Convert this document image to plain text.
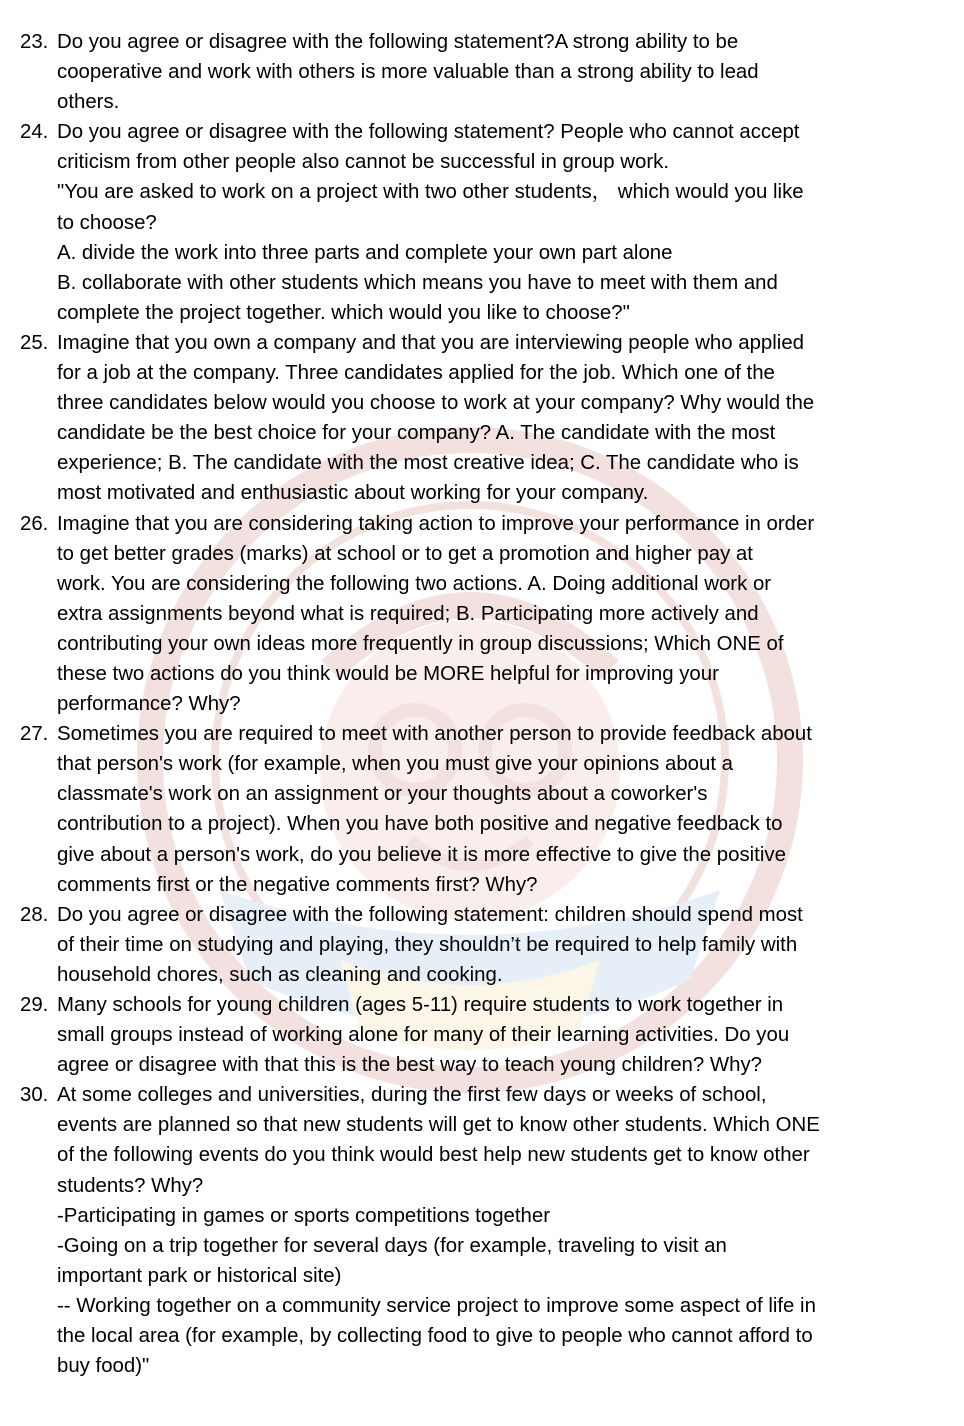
23. Do you agree or disagree with the following statement?A strong ability to be
cooperative and work with others is more valuable than a strong ability to lead
others.
24. Do you agree or disagree with the following statement? People who cannot accept
criticism from other people also cannot be successful in group work.
"You are asked to work on a project with two other students， which would you like
to choose?
A. divide the work into three parts and complete your own part alone
B. collaborate with other students which means you have to meet with them and
complete the project together. which would you like to choose?"
25. Imagine that you own a company and that you are interviewing people who applied
for a job at the company. Three candidates applied for the job. Which one of the
three candidates below would you choose to work at your company? Why would the
candidate be the best choice for your company? A. The candidate with the most
experience; B. The candidate with the most creative idea; C. The candidate who is
most motivated and enthusiastic about working for your company.
26. Imagine that you are considering taking action to improve your performance in order
to get better grades (marks) at school or to get a promotion and higher pay at
work. You are considering the following two actions. A. Doing additional work or
extra assignments beyond what is required; B. Participating more actively and
contributing your own ideas more frequently in group discussions; Which ONE of
these two actions do you think would be MORE helpful for improving your
performance? Why?
27. Sometimes you are required to meet with another person to provide feedback about
that person's work (for example, when you must give your opinions about a
classmate's work on an assignment or your thoughts about a coworker's
contribution to a project). When you have both positive and negative feedback to
give about a person's work, do you believe it is more effective to give the positive
comments first or the negative comments first? Why?
28. Do you agree or disagree with the following statement: children should spend most
of their time on studying and playing, they shouldn’t be required to help family with
household chores, such as cleaning and cooking.
29. Many schools for young children (ages 5-11) require students to work together in
small groups instead of working alone for many of their learning activities. Do you
agree or disagree with that this is the best way to teach young children? Why?
30. At some colleges and universities, during the first few days or weeks of school,
events are planned so that new students will get to know other students. Which ONE
of the following events do you think would best help new students get to know other
students? Why?
-Participating in games or sports competitions together
-Going on a trip together for several days (for example, traveling to visit an
important park or historical site)
-- Working together on a community service project to improve some aspect of life in
the local area (for example, by collecting food to give to people who cannot afford to
buy food)"
